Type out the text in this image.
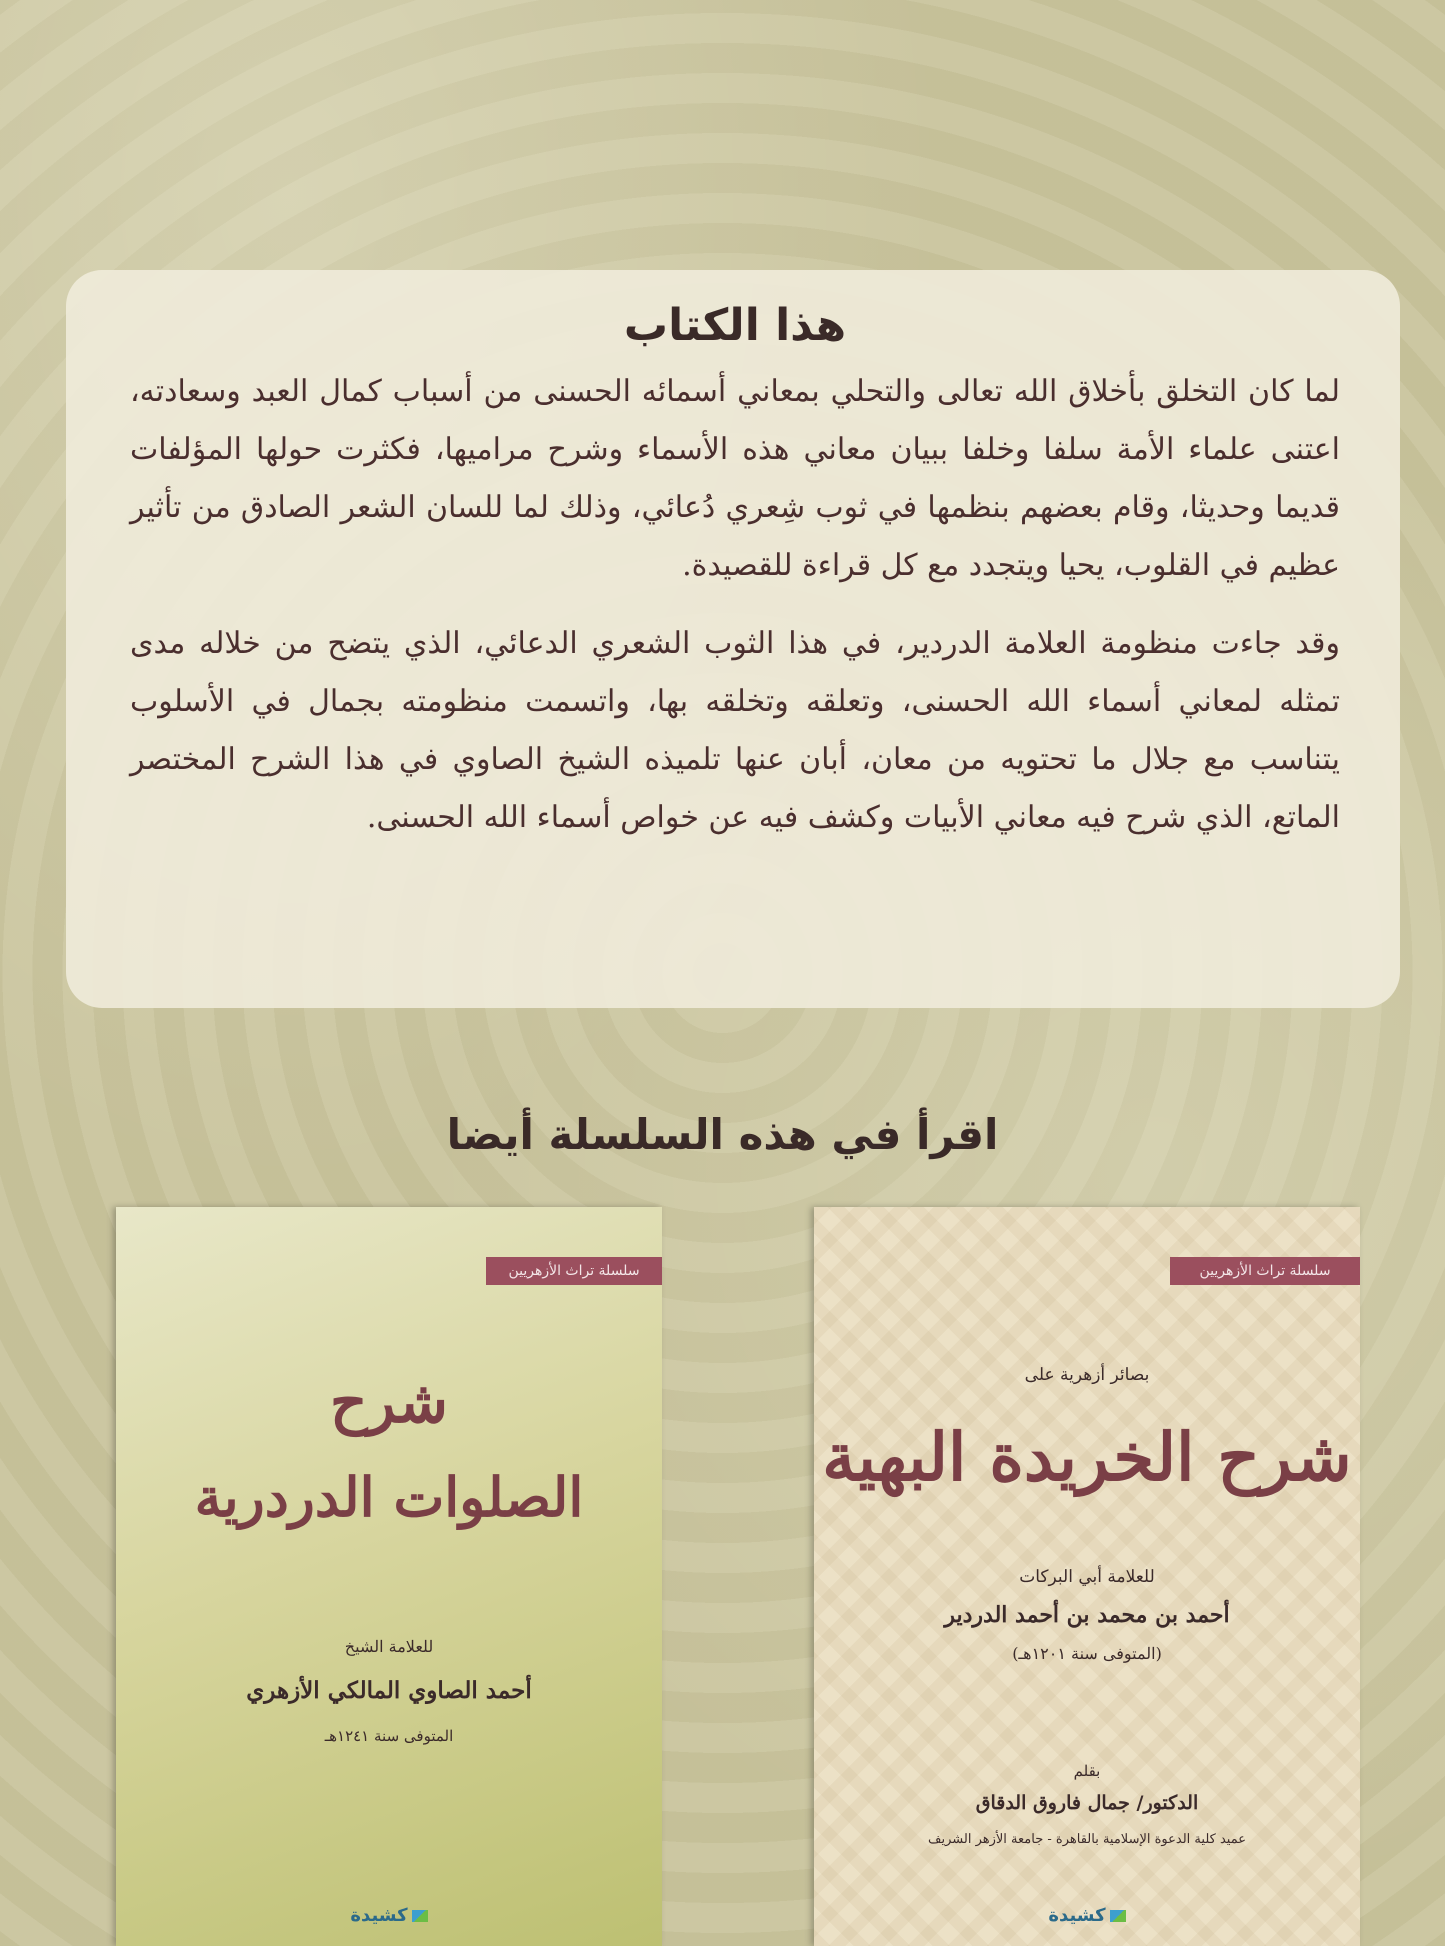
هذا الكتاب

لما كان التخلق بأخلاق الله تعالى والتحلي بمعاني أسمائه الحسنى من أسباب كمال العبد وسعادته، اعتنى علماء الأمة سلفا وخلفا ببيان معاني هذه الأسماء وشرح مراميها، فكثرت حولها المؤلفات قديما وحديثا، وقام بعضهم بنظمها في ثوب شِعري دُعائي، وذلك لما للسان الشعر الصادق من تأثير عظيم في القلوب، يحيا ويتجدد مع كل قراءة للقصيدة.

وقد جاءت منظومة العلامة الدردير، في هذا الثوب الشعري الدعائي، الذي يتضح من خلاله مدى تمثله لمعاني أسماء الله الحسنى، وتعلقه وتخلقه بها، واتسمت منظومته بجمال في الأسلوب يتناسب مع جلال ما تحتويه من معان، أبان عنها تلميذه الشيخ الصاوي في هذا الشرح المختصر الماتع، الذي شرح فيه معاني الأبيات وكشف فيه عن خواص أسماء الله الحسنى.

اقرأ في هذه السلسلة أيضا
سلسلة تراث الأزهريين
بصائر أزهرية على
شرح الخريدة البهية
للعلامة أبي البركات
أحمد بن محمد بن أحمد الدردير
(المتوفى سنة ١٢٠١هـ)
بقلم
الدكتور/ جمال فاروق الدقاق
عميد كلية الدعوة الإسلامية بالقاهرة - جامعة الأزهر الشريف
كشيدة
سلسلة تراث الأزهريين
شرح
الصلوات الدردرية
للعلامة الشيخ
أحمد الصاوي المالكي الأزهري
المتوفى سنة ١٢٤١هـ
كشيدة
